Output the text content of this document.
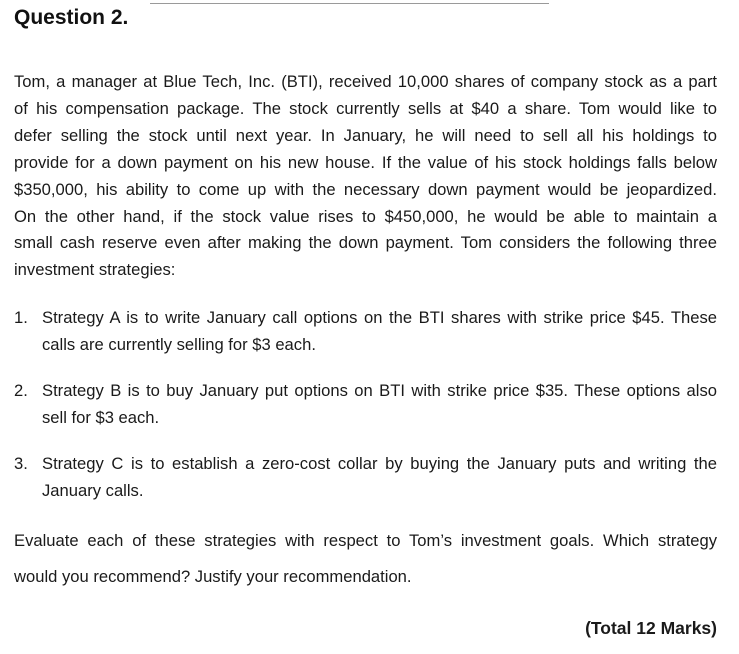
Question 2.
Tom, a manager at Blue Tech, Inc. (BTI), received 10,000 shares of company stock as a part
of his compensation package. The stock currently sells at $40 a share. Tom would like to
defer selling the stock until next year. In January, he will need to sell all his holdings to
provide for a down payment on his new house. If the value of his stock holdings falls below
$350,000, his ability to come up with the necessary down payment would be jeopardized.
On the other hand, if the stock value rises to $450,000, he would be able to maintain a
small cash reserve even after making the down payment. Tom considers the following three
investment strategies:
1. Strategy A is to write January call options on the BTI shares with strike price $45. These
calls are currently selling for $3 each.
2. Strategy B is to buy January put options on BTI with strike price $35. These options also
sell for $3 each.
3. Strategy C is to establish a zero-cost collar by buying the January puts and writing the
January calls.
Evaluate each of these strategies with respect to Tom’s investment goals. Which strategy
would you recommend? Justify your recommendation.
(Total 12 Marks)
